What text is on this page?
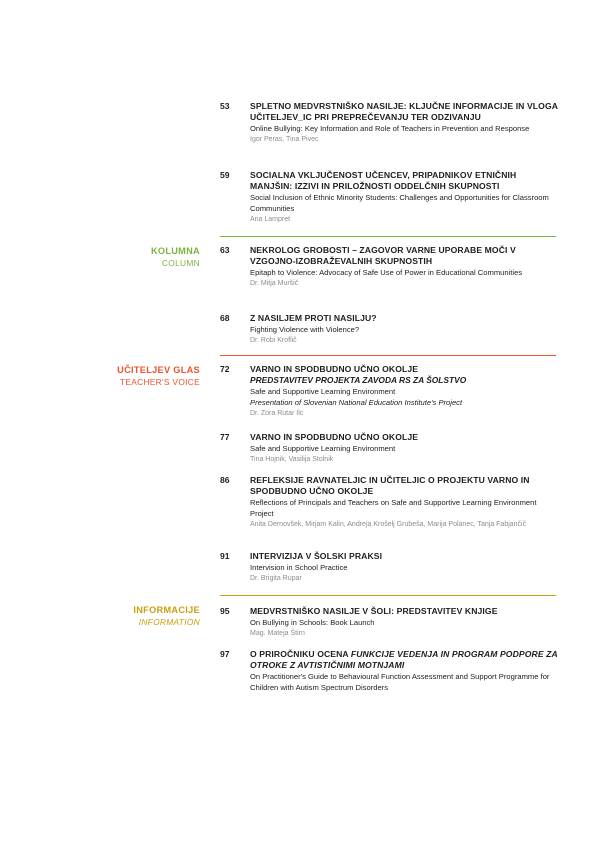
KOLUMNA
COLUMN
UČITELJEV GLAS
TEACHER'S VOICE
INFORMACIJE
INFORMATION
53 SPLETNO MEDVRSTNIŠKO NASILJE: KLJUČNE INFORMACIJE IN VLOGA UČITELJEV_IC PRI PREPREČEVANJU TER ODZIVANJU
Online Bullying: Key Information and Role of Teachers in Prevention and Response
Igor Peras, Tina Pivec
59 SOCIALNA VKLJUČENOST UČENCEV, PRIPADNIKOV ETNIČNIH MANJŠIN: IZZIVI IN PRILOŽNOSTI ODDELČNIH SKUPNOSTI
Social Inclusion of Ethnic Minority Students: Challenges and Opportunities for Classroom Communities
Ana Lampret
63 NEKROLOG GROBOSTI – ZAGOVOR VARNE UPORABE MOČI V VZGOJNO-IZOBRAŽEVALNIH SKUPNOSTIH
Epitaph to Violence: Advocacy of Safe Use of Power in Educational Communities
Dr. Mitja Muršič
68 Z NASILJEM PROTI NASILJU?
Fighting Violence with Violence?
Dr. Robi Kroflič
72 VARNO IN SPODBUDNO UČNO OKOLJE
PREDSTAVITEV PROJEKTA ZAVODA RS ZA ŠOLSTVO
Safe and Supportive Learning Environment
Presentation of Slovenian National Education Institute's Project
Dr. Zora Rutar Ilc
77 VARNO IN SPODBUDNO UČNO OKOLJE
Safe and Supportive Learning Environment
Tina Hojnik, Vasilija Stolnik
86 REFLEKSIJE RAVNATELJIC IN UČITELJIC O PROJEKTU VARNO IN SPODBUDNO UČNO OKOLJE
Reflections of Principals and Teachers on Safe and Supportive Learning Environment Project
Anita Dernovšek, Mirjam Kalin, Andreja Krošelj Grubeša, Marija Polanec, Tanja Fabjančič
91 INTERVIZIJA V ŠOLSKI PRAKSI
Intervision in School Practice
Dr. Brigita Rupar
95 MEDVRSTNIŠKO NASILJE V ŠOLI: PREDSTAVITEV KNJIGE
On Bullying in Schools: Book Launch
Mag. Mateja Štirn
97 O PRIROČNIKU OCENA FUNKCIJE VEDENJA IN PROGRAM PODPORE ZA OTROKE Z AVTISTIČNIMI MOTNJAMI
On Practitioner's Guide to Behavioural Function Assessment and Support Programme for Children with Autism Spectrum Disorders
